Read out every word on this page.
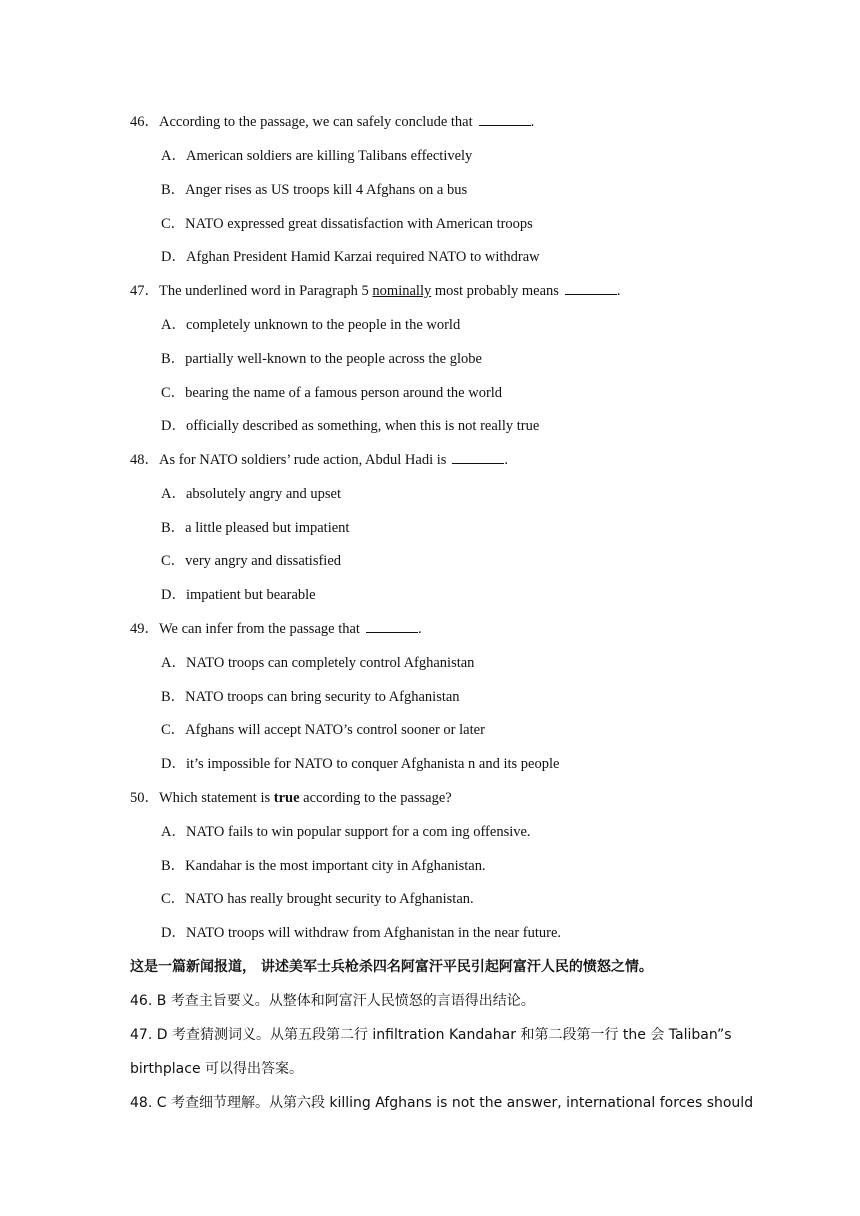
46．According to the passage, we can safely conclude that	.
A．American soldiers are killing Talibans effectively
B．Anger rises as US troops kill 4 Afghans on a bus
C．NATO expressed great dissatisfaction with American troops
D．Afghan President Hamid Karzai required NATO to withdraw
47．The underlined word in Paragraph 5 nominally most probably means	.
A．completely unknown to the people in the world
B．partially well-known to the people across the globe
C．bearing the name of a famous person around the world
D．officially described as something, when this is not really true
48．As for NATO soldiers’ rude action, Abdul Hadi is	.
A．absolutely angry and upset
B．a little pleased but impatient
C．very angry and dissatisfied
D．impatient but bearable
49．We can infer from the passage that	.
A．NATO troops can completely control Afghanistan
B．NATO troops can bring security to Afghanistan
C．Afghans will accept NATO’s control sooner or later
D．it’s impossible for NATO to conquer Afghanista n and its people
50．Which statement is true according to the passage?
A．NATO fails to win popular support for a com ing offensive.
B．Kandahar is the most important city in Afghanistan.
C．NATO has really brought security to Afghanistan.
D．NATO troops will withdraw from Afghanistan in the near future.
这是一篇新闻报道， 讲述美军士兵枪杀四名阿富汗平民引起阿富汗人民的愤怒之情。
46. B 考查主旨要义。从整体和阿富汗人民愤怒的言语得出结论。
47. D 考查猜测词义。从第五段第二行 infiltration Kandahar 和第二段第一行 the 会 Taliban”s
birthplace 可以得出答案。
48. C 考查细节理解。从第六段 killing Afghans is not the answer, international forces should
